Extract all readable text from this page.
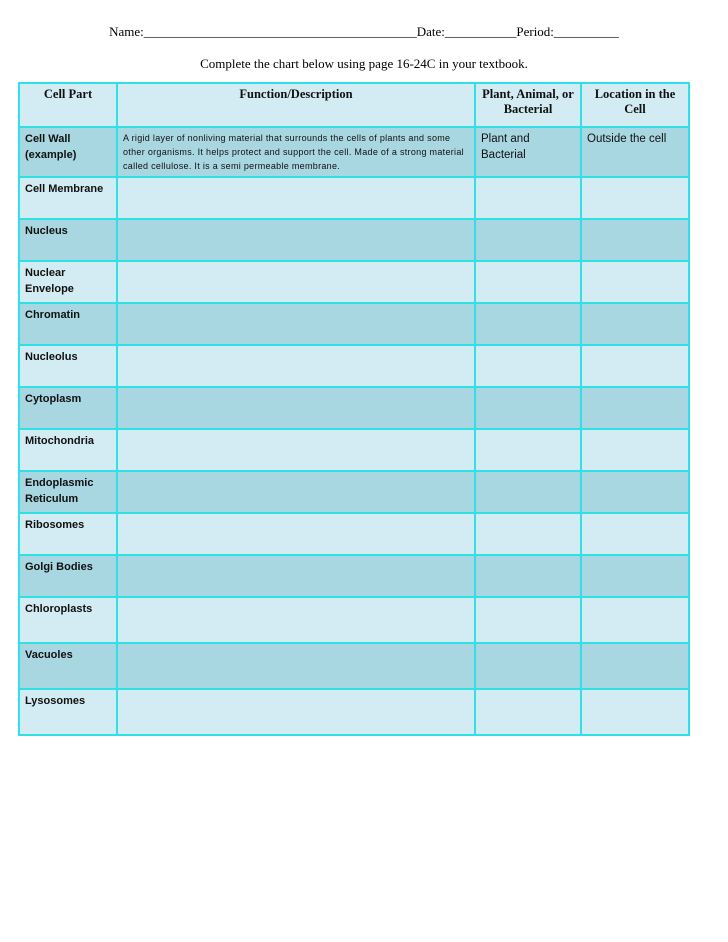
Name:__________________________________________Date:___________Period:__________
Complete the chart below using page 16-24C in your textbook.
Cell Part	Function/Description	Plant, Animal, or Bacterial	Location in the Cell
Cell Wall (example)	A rigid layer of nonliving material that surrounds the cells of plants and some other organisms. It helps protect and support the cell. Made of a strong material called cellulose. It is a semi permeable membrane.	Plant and Bacterial	Outside the cell
Cell Membrane			
Nucleus			
Nuclear Envelope			
Chromatin			
Nucleolus			
Cytoplasm			
Mitochondria			
Endoplasmic Reticulum			
Ribosomes			
Golgi Bodies			
Chloroplasts			
Vacuoles			
Lysosomes			
